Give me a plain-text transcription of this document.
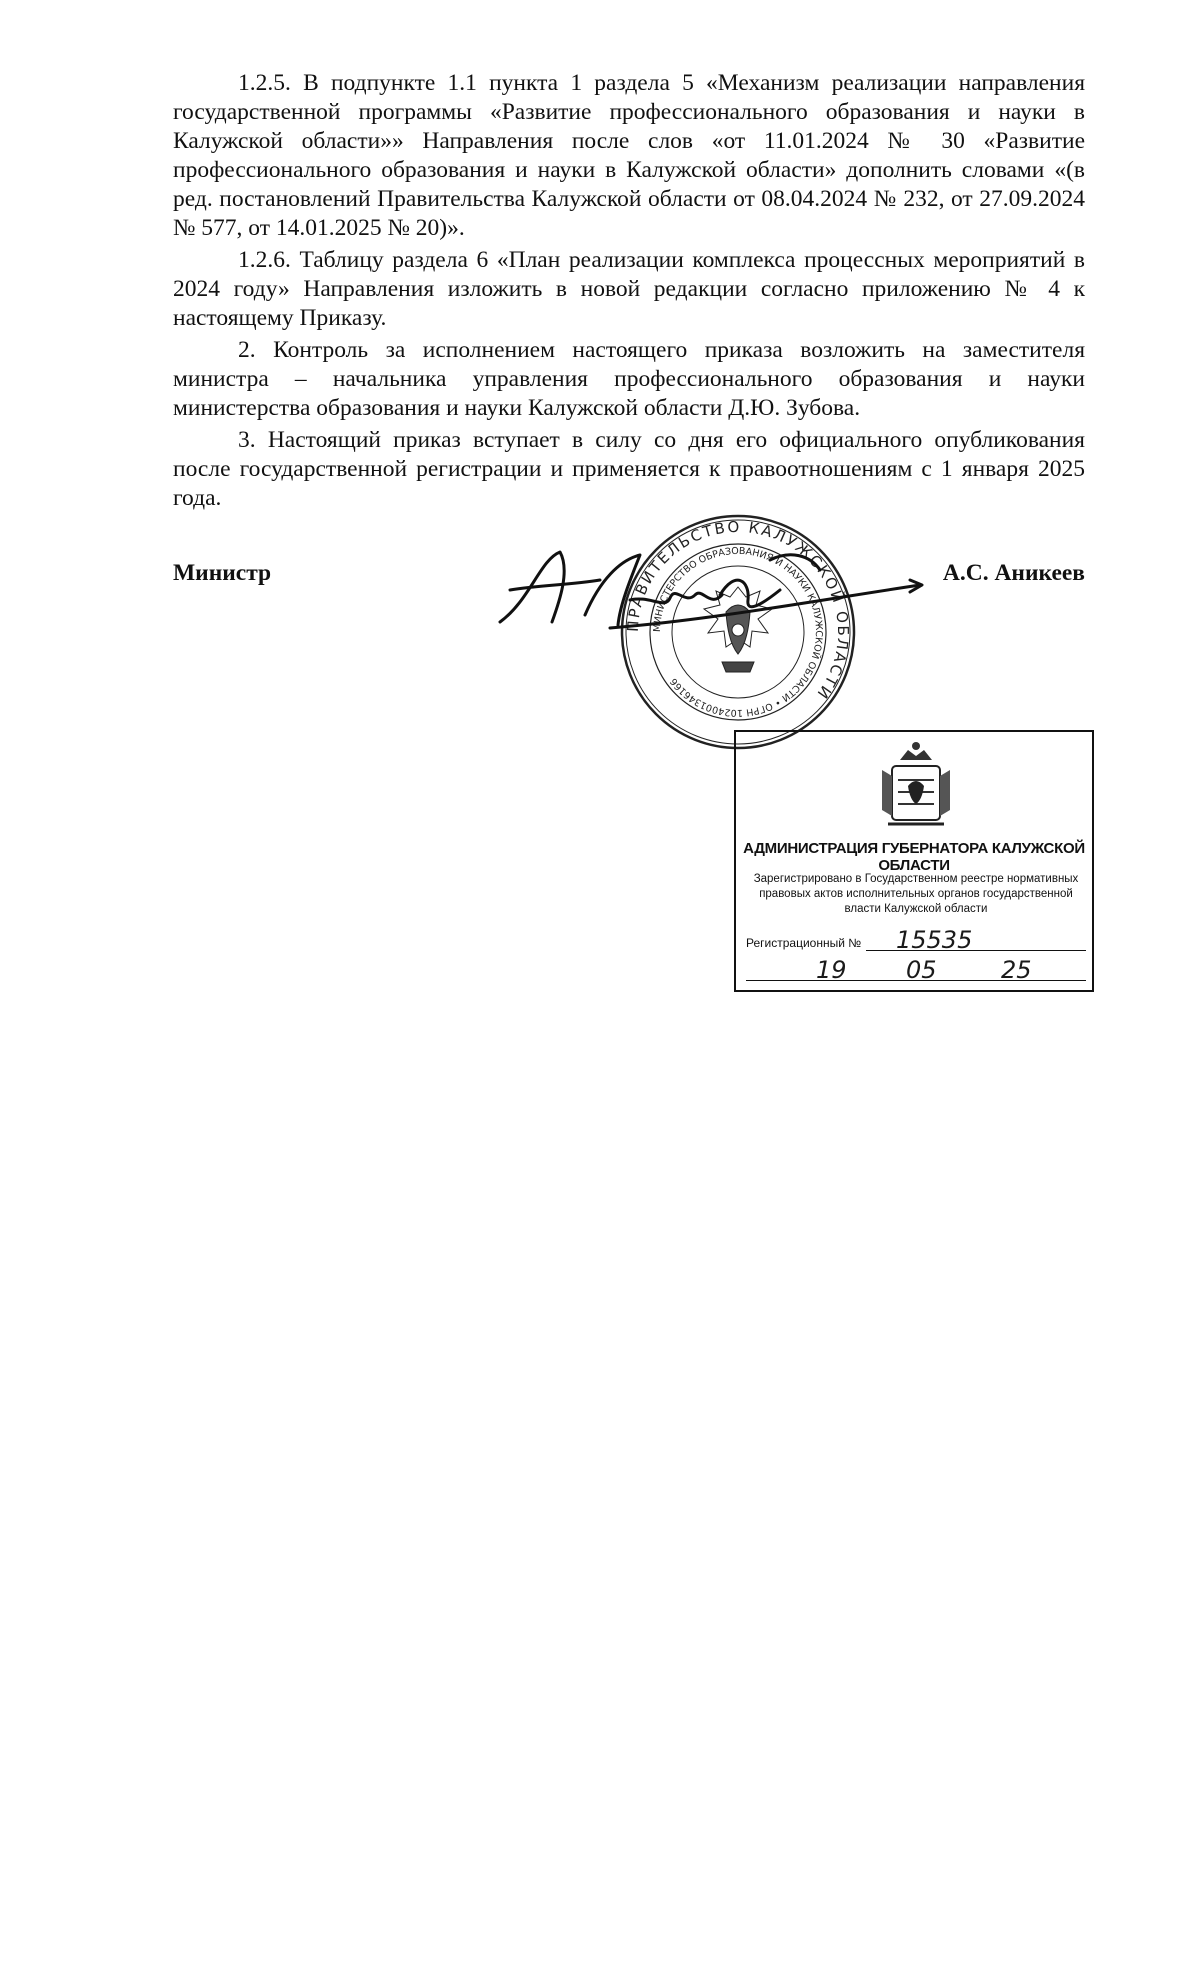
1.2.5. В подпункте 1.1 пункта 1 раздела 5 «Механизм реализации направления государственной программы «Развитие профессионального образования и науки в Калужской области»» Направления после слов «от 11.01.2024 № 30 «Развитие профессионального образования и науки в Калужской области» дополнить словами «(в ред. постановлений Правительства Калужской области от 08.04.2024 № 232, от 27.09.2024 № 577, от 14.01.2025 № 20)».

1.2.6. Таблицу раздела 6 «План реализации комплекса процессных мероприятий в 2024 году» Направления изложить в новой редакции согласно приложению № 4 к настоящему Приказу.

2. Контроль за исполнением настоящего приказа возложить на заместителя министра – начальника управления профессионального образования и науки министерства образования и науки Калужской области Д.Ю. Зубова.

3. Настоящий приказ вступает в силу со дня его официального опубликования после государственной регистрации и применяется к правоотношениям с 1 января 2025 года.

ПРАВИТЕЛЬСТВО КАЛУЖСКОЙ ОБЛАСТИ
МИНИСТЕРСТВО ОБРАЗОВАНИЯ И НАУКИ КАЛУЖСКОЙ ОБЛАСТИ • ОГРН 1024001346166
Министр	А.С. Аникеев
АДМИНИСТРАЦИЯ ГУБЕРНАТОРА КАЛУЖСКОЙ ОБЛАСТИ
Зарегистрировано в Государственном реестре нормативных правовых актов исполнительных органов государственной власти Калужской области
Регистрационный № 15535
19 05	25
